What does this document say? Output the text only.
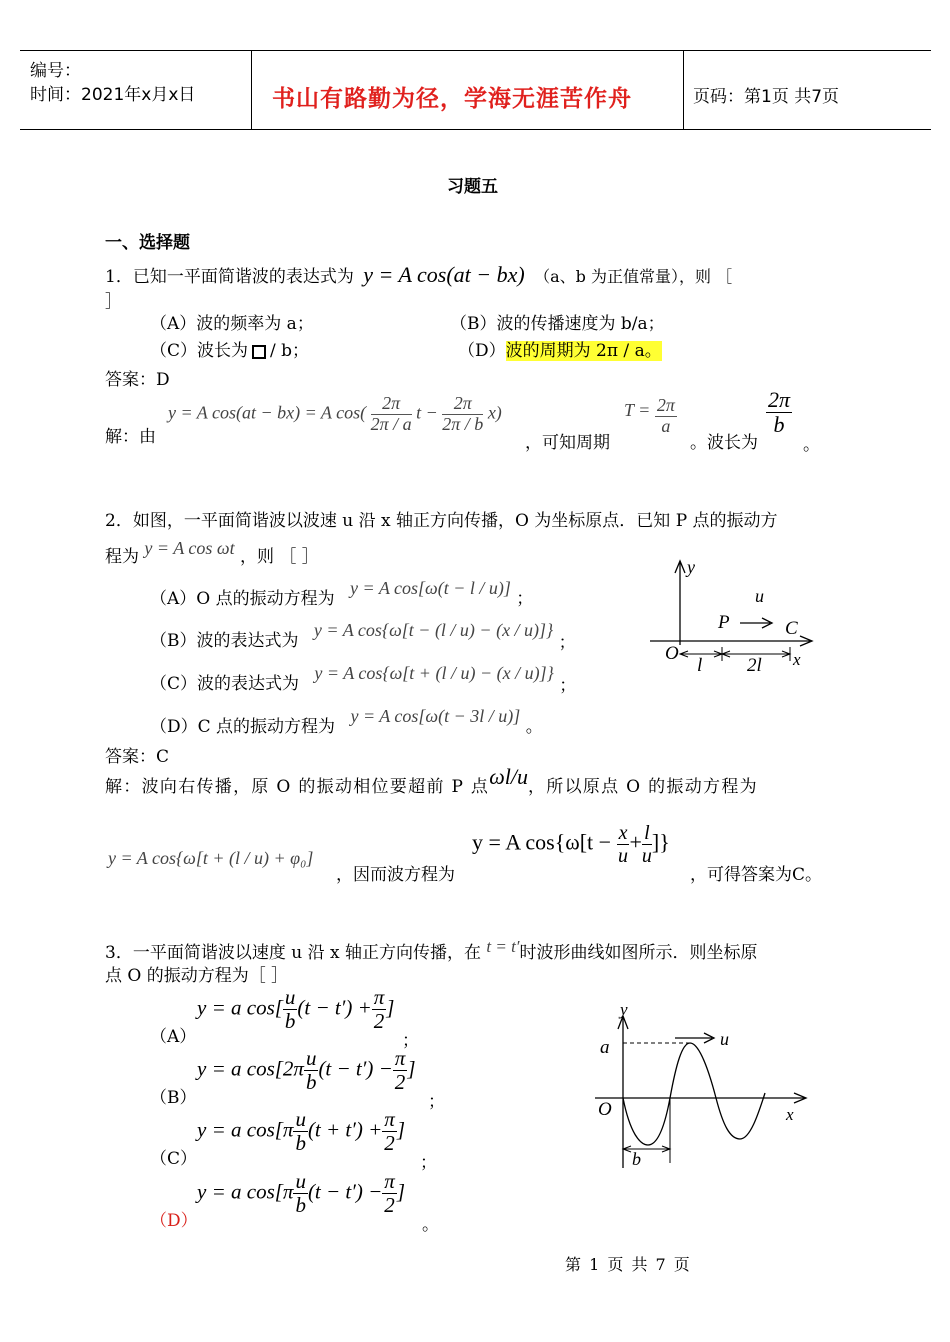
编号：
时间：2021年x月x日	书山有路勤为径，学海无涯苦作舟	页码：第1页 共7页
习题五
一、选择题
1．已知一平面简谐波的表达式为 y = A cos(at − bx) （a、b 为正值常量），则 ［
］
（A）波的频率为 a；	（B）波的传播速度为 b/a；
（C）波长为 / b；	（D）波的周期为 2π / a。
答案：D
解：由
y = A cos(at − bx) = A $\cos( \frac{2\pi}{2\pi / a}$ $t - \frac{2\pi}{2\pi / b} x$)
，可知周期
$T = \frac{2\pi}{a}$
。波长为
$\frac{2\pi}{b}$
。
2．如图，一平面简谐波以波速 u 沿 x 轴正方向传播，O 为坐标原点．已知 P 点的振动方
程为 y = A cos ωt ，则 ［ ］
（A）O 点的振动方程为 y = A cos[ω(t − l / u)] ；
（B）波的表达式为 y = A cos{ω[t − (l / u) − (x / u)]} ；
（C）波的表达式为 y = A cos{ω[t + (l / u) − (x / u)]} ；
（D）C 点的振动方程为 y = A cos[ω(t − 3l / u)] 。
y
u
P	C
O
l 2l x
答案：C
解：波向右传播，原 O 的振动相位要超前 P 点ωl/u，所以原点 O 的振动方程为
y = A cos{ω[t + (l / u) + φ₀]
，因而波方程为
y = A $\cos\{\omega[t - \frac{x}{u} + \frac{l}{u}$ ]}
，可得答案为C。
3．一平面简谐波以速度 u 沿 x 轴正方向传播，在 t = t′时波形曲线如图所示．则坐标原
点 O 的振动方程为［ ］
（A）
y = a $\cos[ \frac{u}{b} (t - t') + \frac{\pi}{2}$ ]
；
（B）
y = a $\cos[2\pi \frac{u}{b} (t - t') - \frac{\pi}{2}$ ]
；
（C）
y = a $\cos[\pi \frac{u}{b} (t + t') + \frac{\pi}{2}$ ]
；
（D）
y = a $\cos[\pi \frac{u}{b} (t - t') - \frac{\pi}{2}$ ]
。
y
a	u
O	x
b
第 1 页 共 7 页
